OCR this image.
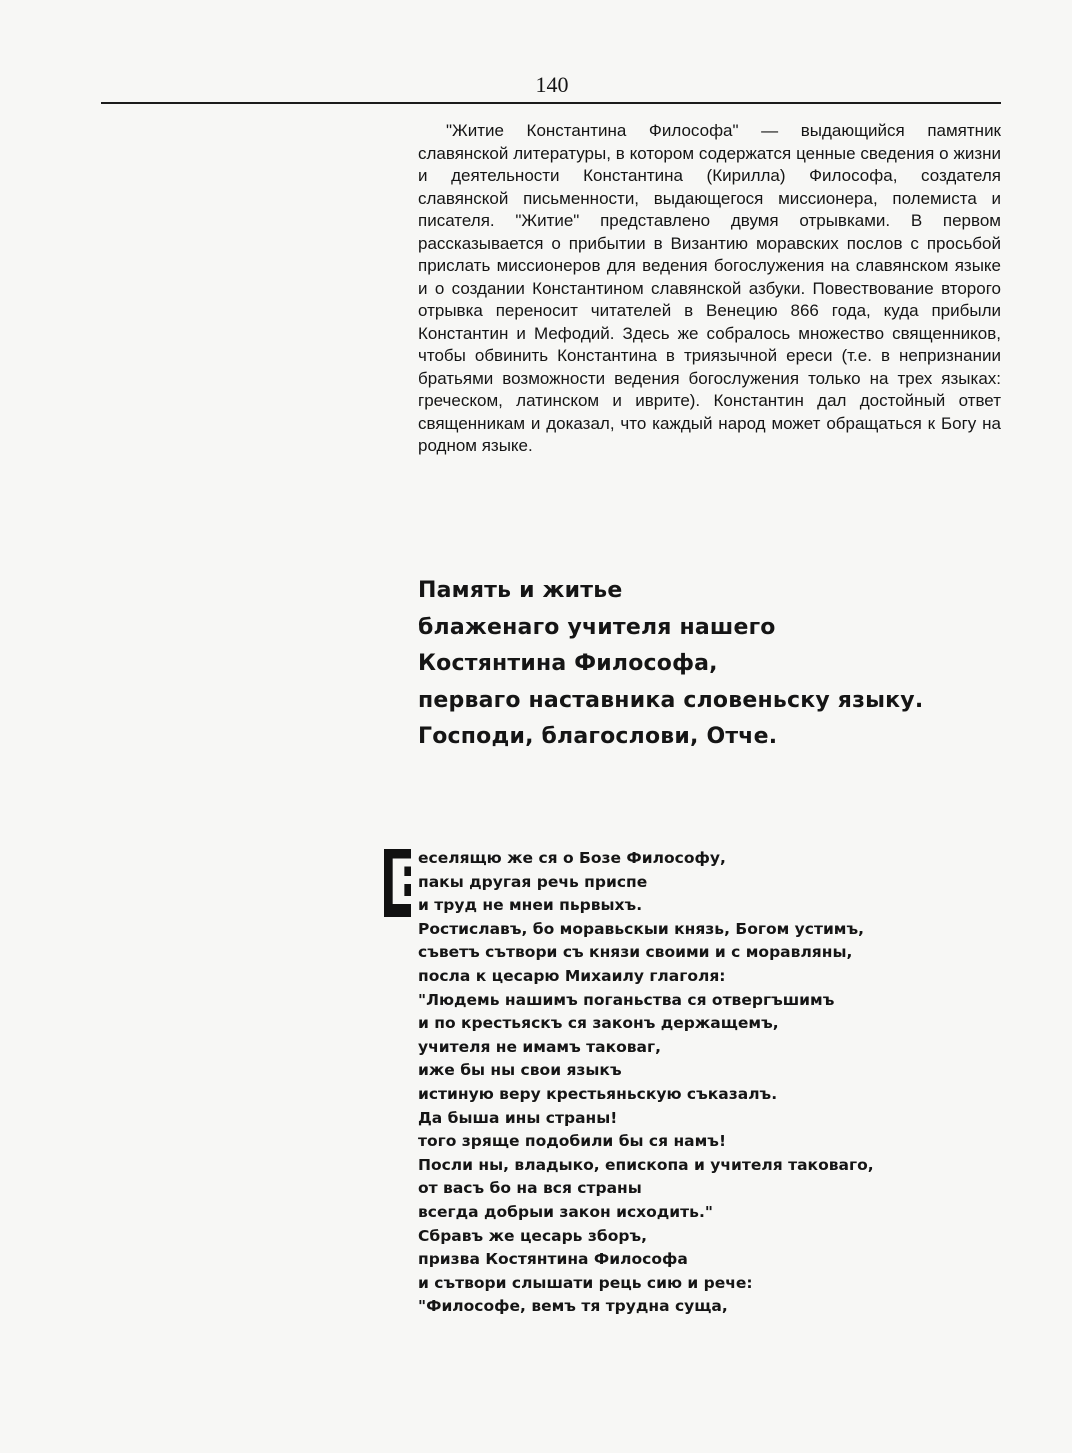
140

"Житие Константина Философа" — выдающийся памятник славянской литературы, в котором содержатся ценные сведения о жизни и деятельности Константина (Кирилла) Философа, создателя славянской письменности, выдающегося миссионера, полемиста и писателя. "Житие" представлено двумя отрывками. В первом рассказывается о прибытии в Византию моравских послов с просьбой прислать миссионеров для ведения богослужения на славянском языке и о создании Константином славянской азбуки. Повествование второго отрывка переносит читателей в Венецию 866 года, куда прибыли Константин и Мефодий. Здесь же собралось множество священников, чтобы обвинить Константина в триязычной ереси (т.е. в непризнании братьями возможности ведения богослужения только на трех языках: греческом, латинском и иврите). Константин дал достойный ответ священникам и доказал, что каждый народ может обращаться к Богу на родном языке.

Память и житье
блаженаго учителя нашего
Костянтина Философа,
перваго наставника словеньску языку.
Господи, благослови, Отче.
В
еселящю же ся о Бозе Философу,
пакы другая речь приспе
и труд не мнеи пьрвыхъ.
Ростиславъ, бо моравьскыи князь, Богом устимъ,
съветъ сътвори съ князи своими и с моравляны,
посла к цесарю Михаилу глаголя:
"Людемь нашимъ поганьства ся отвергъшимъ
и по крестьяскъ ся законъ держащемъ,
учителя не имамъ таковаг,
иже бы ны свои языкъ
истиную веру крестьяньскую съказалъ.
Да быша ины страны!
того зряще подобили бы ся намъ!
Посли ны, владыко, епископа и учителя таковаго,
от васъ бо на вся страны
всегда добрыи закон исходить."
Сбравъ же цесарь зборъ,
призва Костянтина Философа
и сътвори слышати рець сию и рече:
"Философе, вемъ тя трудна суща,
